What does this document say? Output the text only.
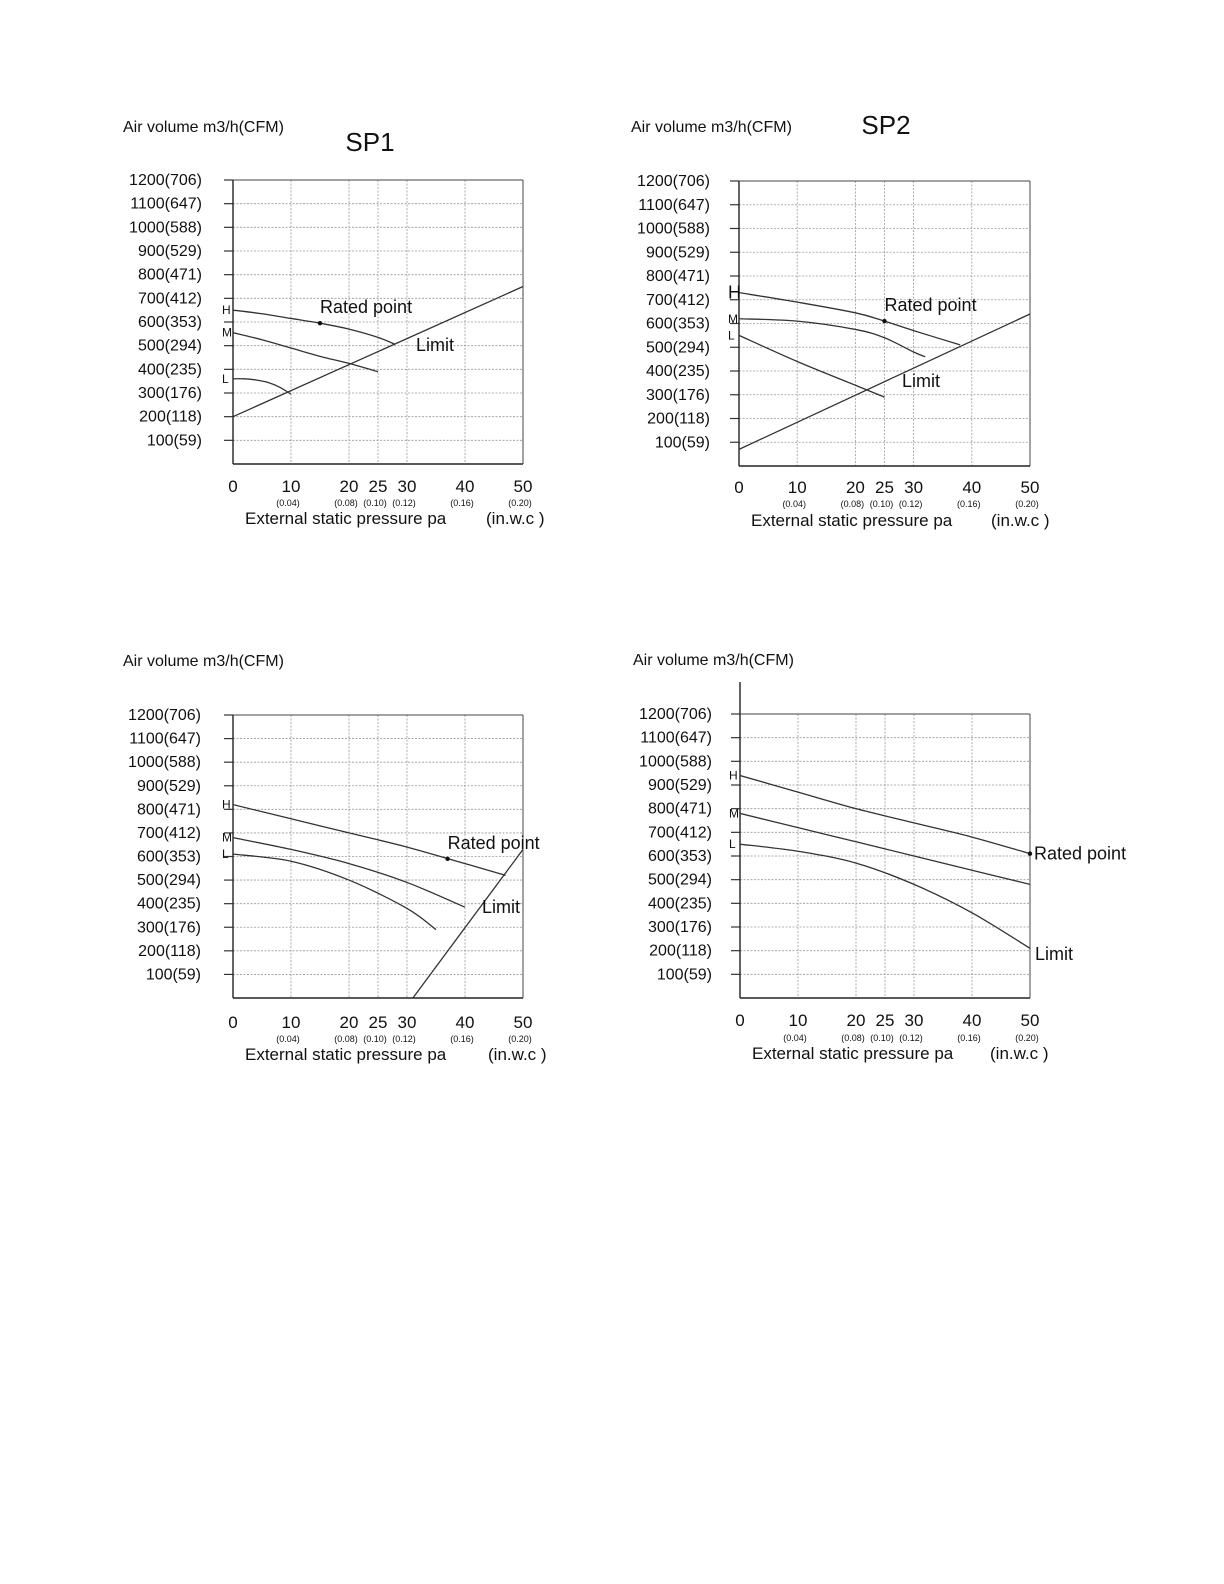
Air volume m3/h(CFM) SP1
100(59)
200(118)
300(176)
400(235)
500(294)
600(353)
700(412)
800(471)
900(529)
1000(588)
1100(647)
1200(706)
0	10
(0.04)
20
(0.08)
25
(0.10)
30
(0.12)
40
(0.16)
50
(0.20)
External static pressure pa (in.w.c )
H
M
L
Rated point
Limit
Air volume m3/h(CFM)	SP2
100(59)
200(118)
300(176)
400(235)
500(294)
600(353)
700(412)
800(471)
900(529)
1000(588)
1100(647)
1200(706)
0	10
(0.04)
20
(0.08)
25
(0.10)
30
(0.12)
40
(0.16)
50
(0.20)
External static pressure pa (in.w.c )
H
M
L
Rated point
Limit
Air volume m3/h(CFM)
100(59)
200(118)
300(176)
400(235)
500(294)
600(353)
700(412)
800(471)
900(529)
1000(588)
1100(647)
1200(706)
0	10
(0.04)
20
(0.08)
25
(0.10)
30
(0.12)
40
(0.16)
50
(0.20)
External static pressure pa (in.w.c )
H
M
L
Rated point
Limit
Air volume m3/h(CFM)
100(59)
200(118)
300(176)
400(235)
500(294)
600(353)
700(412)
800(471)
900(529)
1000(588)
1100(647)
1200(706)
0	10
(0.04)
20
(0.08)
25
(0.10)
30
(0.12)
40
(0.16)
50
(0.20)
External static pressure pa (in.w.c )
H
M
L	Rated point
Limit
